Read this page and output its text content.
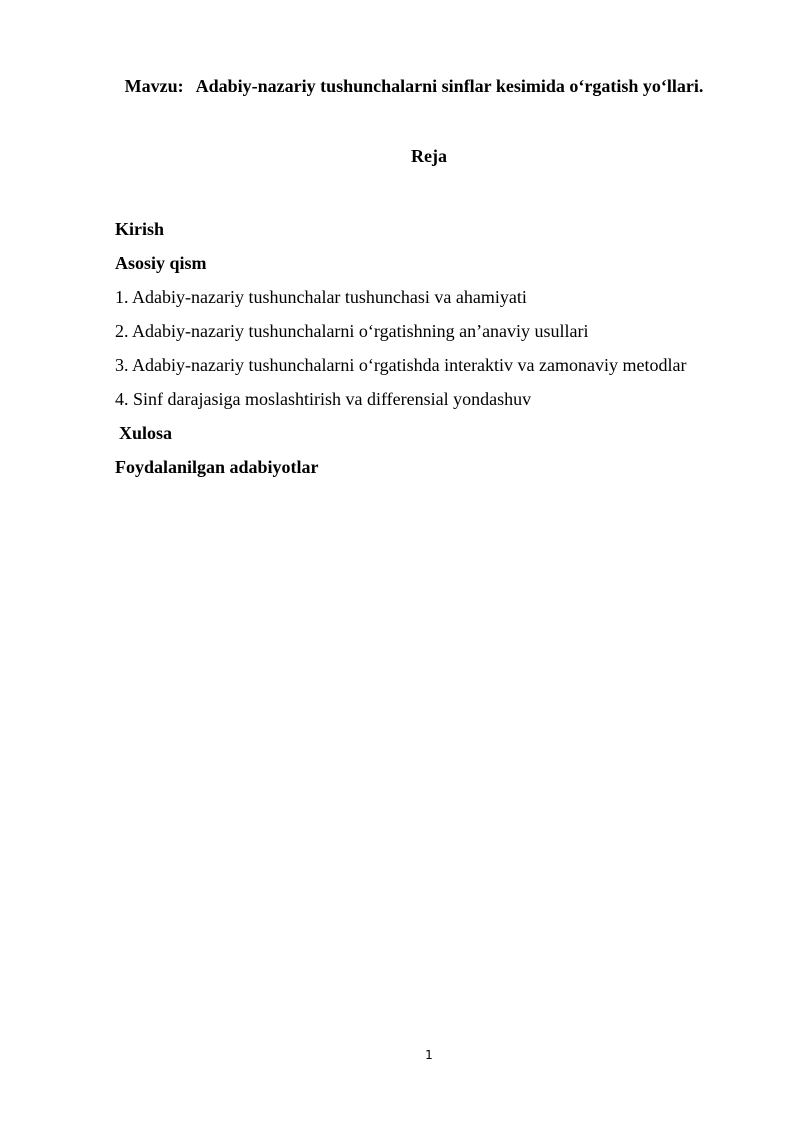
Mavzu: Adabiy-nazariy tushunchalarni sinflar kesimida o‘rgatish yo‘llari.
Reja
Kirish
Asosiy qism
1. Adabiy-nazariy tushunchalar tushunchasi va ahamiyati
2. Adabiy-nazariy tushunchalarni o‘rgatishning an’anaviy usullari
3. Adabiy-nazariy tushunchalarni o‘rgatishda interaktiv va zamonaviy metodlar
4. Sinf darajasiga moslashtirish va differensial yondashuv
Xulosa
Foydalanilgan adabiyotlar
1
